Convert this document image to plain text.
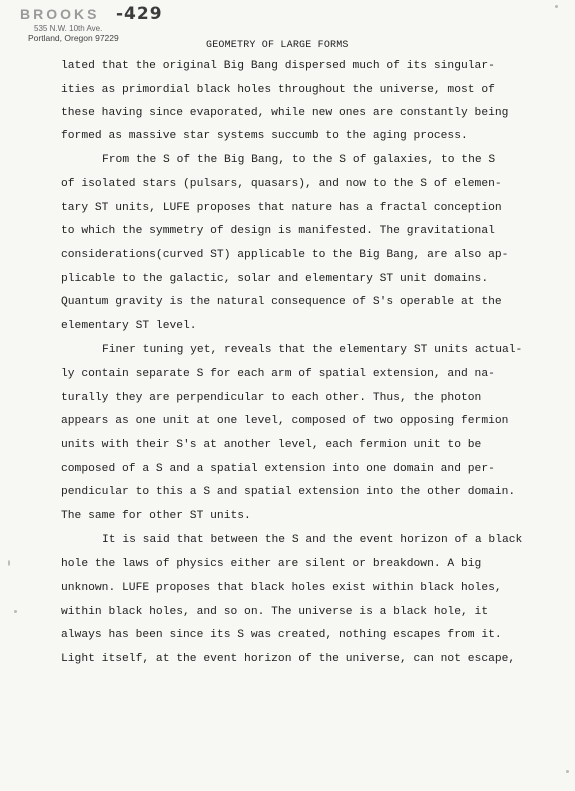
BROOKS -429
535 N.W. 10th Ave.
Portland, Oregon 97229
GEOMETRY OF LARGE FORMS
lated that the original Big Bang dispersed much of its singular-
ities as primordial black holes throughout the universe, most of
these having since evaporated, while new ones are constantly being
formed as massive star systems succumb to the aging process.
From the S of the Big Bang, to the S of galaxies, to the S
of isolated stars (pulsars, quasars), and now to the S of elemen-
tary ST units, LUFE proposes that nature has a fractal conception
to which the symmetry of design is manifested. The gravitational
considerations(curved ST) applicable to the Big Bang, are also ap-
plicable to the galactic, solar and elementary ST unit domains.
Quantum gravity is the natural consequence of S's operable at the
elementary ST level.
Finer tuning yet, reveals that the elementary ST units actual-
ly contain separate S for each arm of spatial extension, and na-
turally they are perpendicular to each other. Thus, the photon
appears as one unit at one level, composed of two opposing fermion
units with their S's at another level, each fermion unit to be
composed of a S and a spatial extension into one domain and per-
pendicular to this a S and spatial extension into the other domain.
The same for other ST units.
It is said that between the S and the event horizon of a black
hole the laws of physics either are silent or breakdown. A big
unknown. LUFE proposes that black holes exist within black holes,
within black holes, and so on. The universe is a black hole, it
always has been since its S was created, nothing escapes from it.
Light itself, at the event horizon of the universe, can not escape,
